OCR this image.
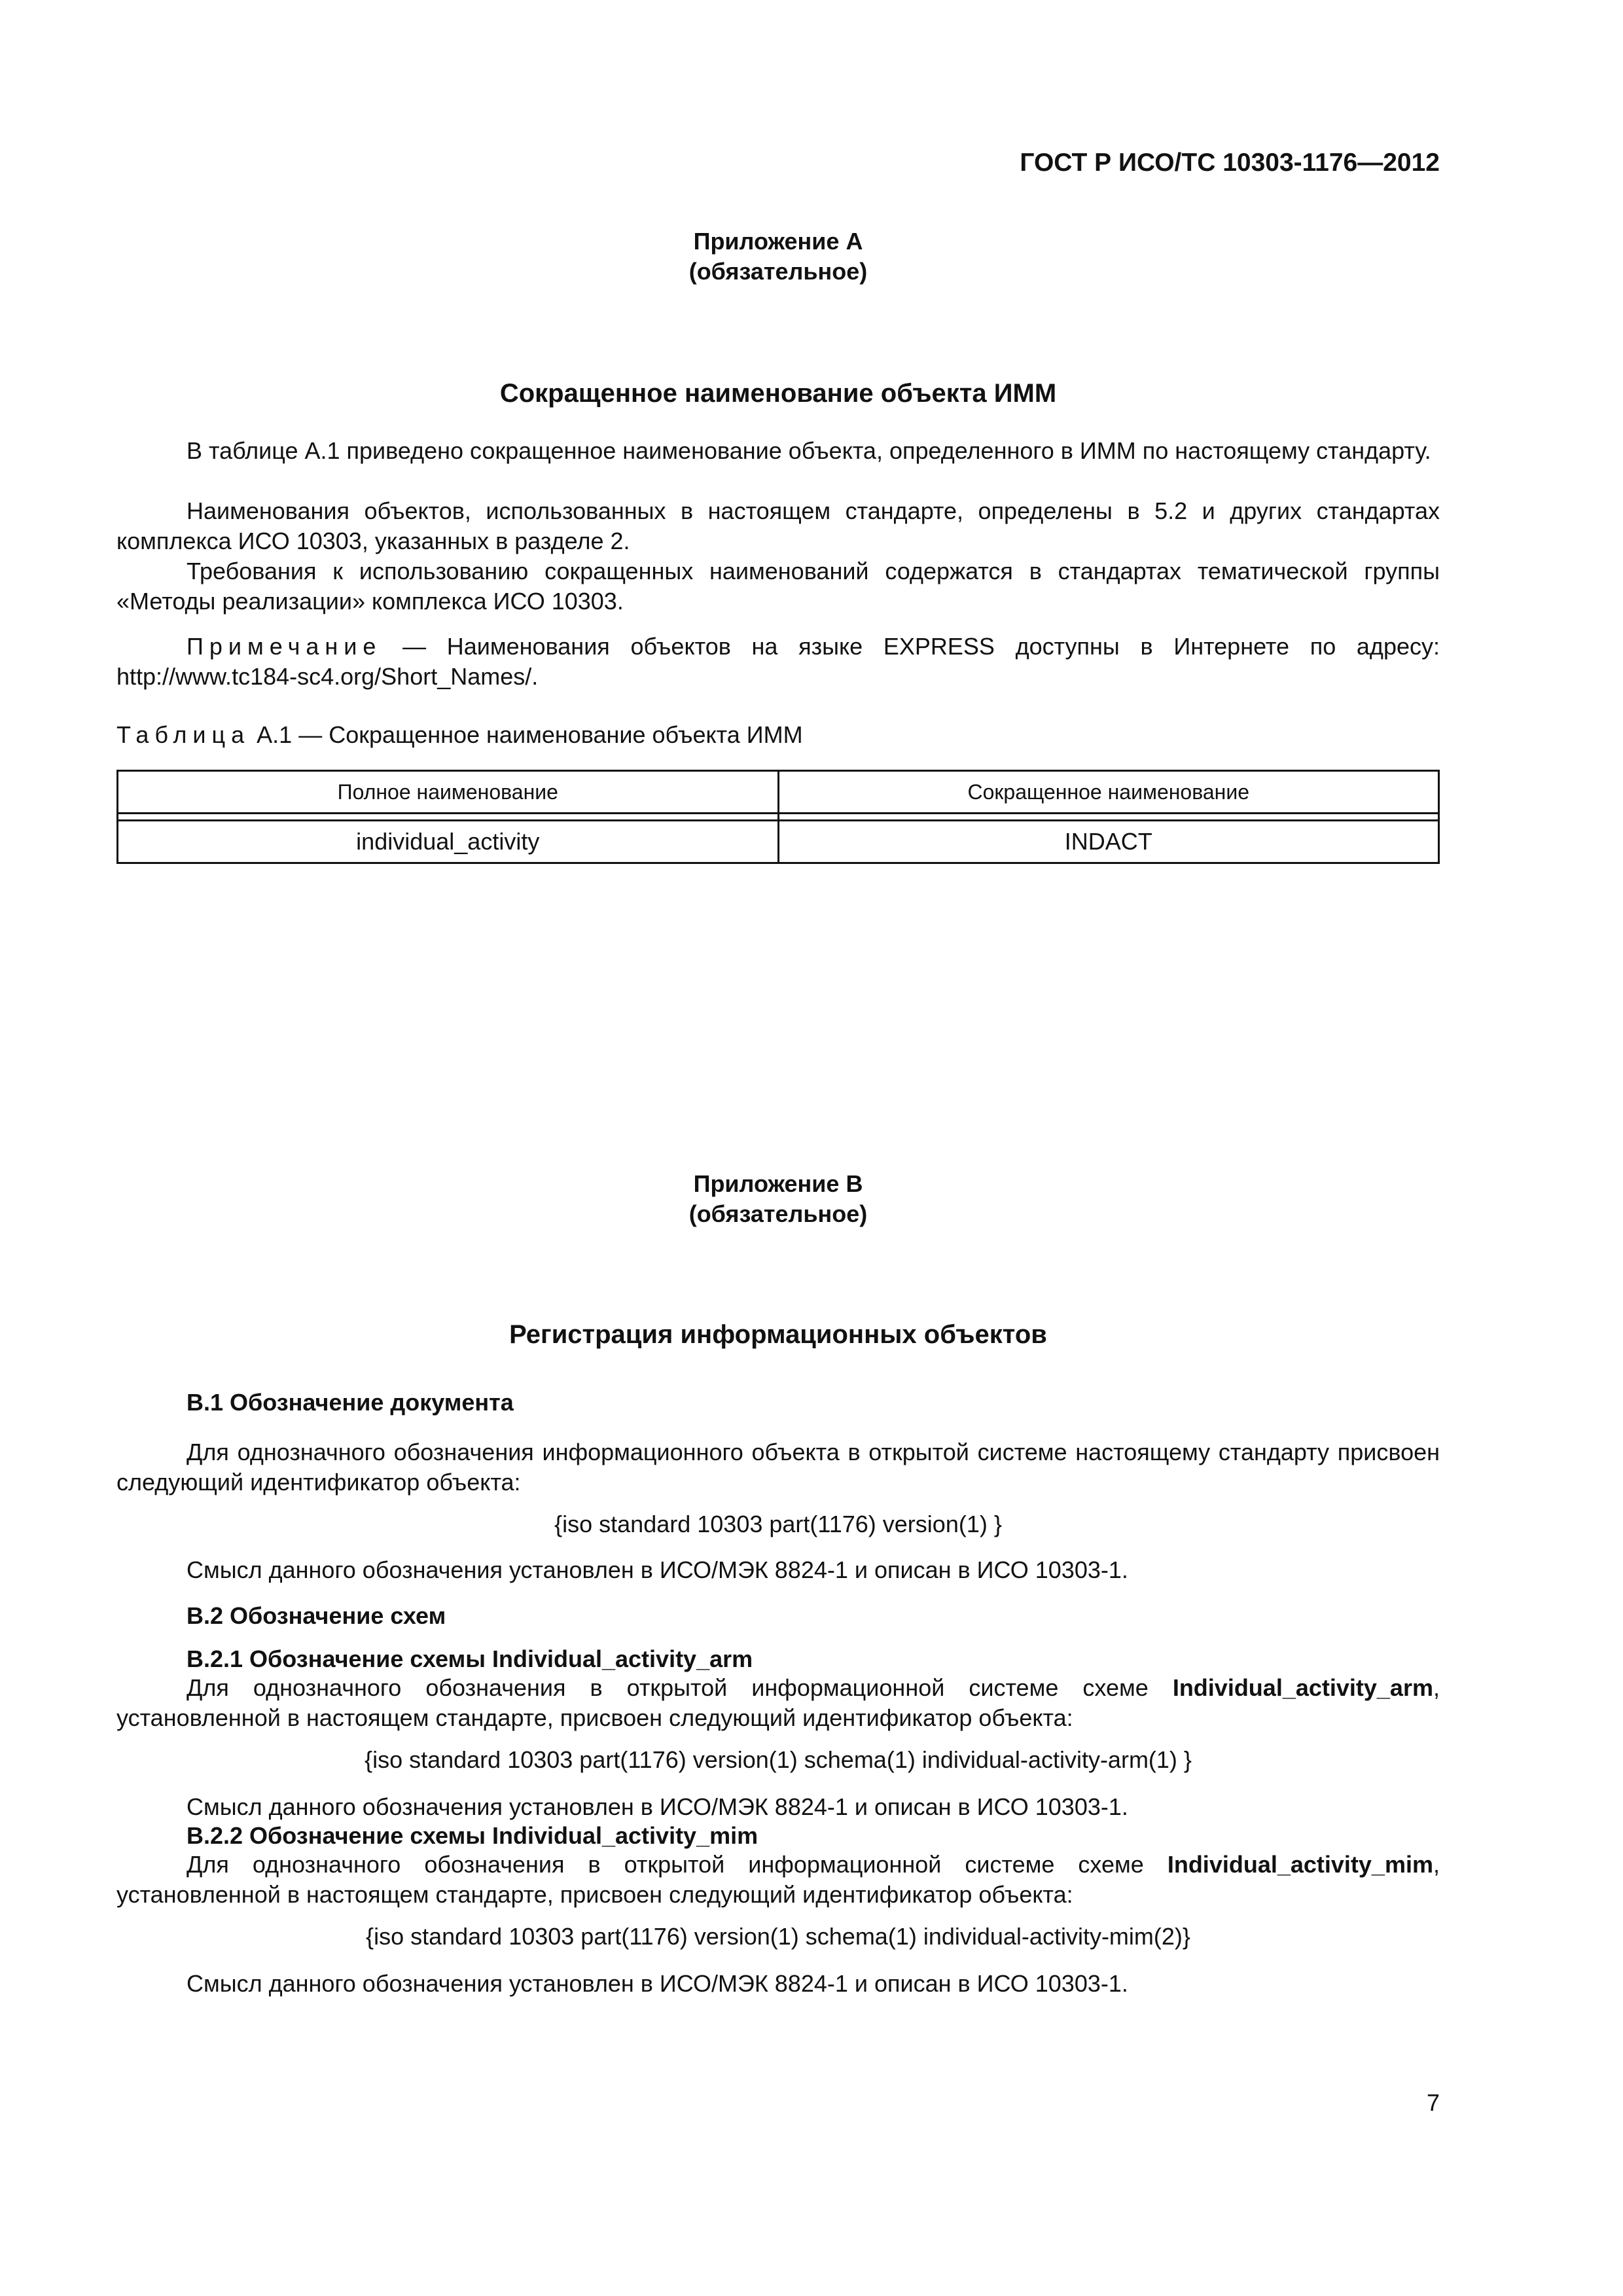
ГОСТ Р ИСО/ТС 10303-1176—2012
Приложение А
(обязательное)
Сокращенное наименование объекта ИММ
В таблице А.1 приведено сокращенное наименование объекта, определенного в ИММ по настоящему стандарту.
Наименования объектов, использованных в настоящем стандарте, определены в 5.2 и других стандартах комплекса ИСО 10303, указанных в разделе 2.
Требования к использованию сокращенных наименований содержатся в стандартах тематической группы «Методы реализации» комплекса ИСО 10303.
Примечание — Наименования объектов на языке EXPRESS доступны в Интернете по адресу: http://www.tc184-sc4.org/Short_Names/.
Таблица А.1 — Сокращенное наименование объекта ИММ
Полное наименование	Сокращенное наименование

individual_activity	INDACT
Приложение В
(обязательное)
Регистрация информационных объектов
В.1 Обозначение документа
Для однозначного обозначения информационного объекта в открытой системе настоящему стандарту присвоен следующий идентификатор объекта:
{iso standard 10303 part(1176) version(1) }
Смысл данного обозначения установлен в ИСО/МЭК 8824-1 и описан в ИСО 10303-1.
В.2 Обозначение схем
В.2.1 Обозначение схемы Individual_activity_arm
Для однозначного обозначения в открытой информационной системе схеме Individual_activity_arm, установленной в настоящем стандарте, присвоен следующий идентификатор объекта:
{iso standard 10303 part(1176) version(1) schema(1) individual-activity-arm(1) }
Смысл данного обозначения установлен в ИСО/МЭК 8824-1 и описан в ИСО 10303-1.
В.2.2 Обозначение схемы Individual_activity_mim
Для однозначного обозначения в открытой информационной системе схеме Individual_activity_mim, установленной в настоящем стандарте, присвоен следующий идентификатор объекта:
{iso standard 10303 part(1176) version(1) schema(1) individual-activity-mim(2)}
Смысл данного обозначения установлен в ИСО/МЭК 8824-1 и описан в ИСО 10303-1.
7
